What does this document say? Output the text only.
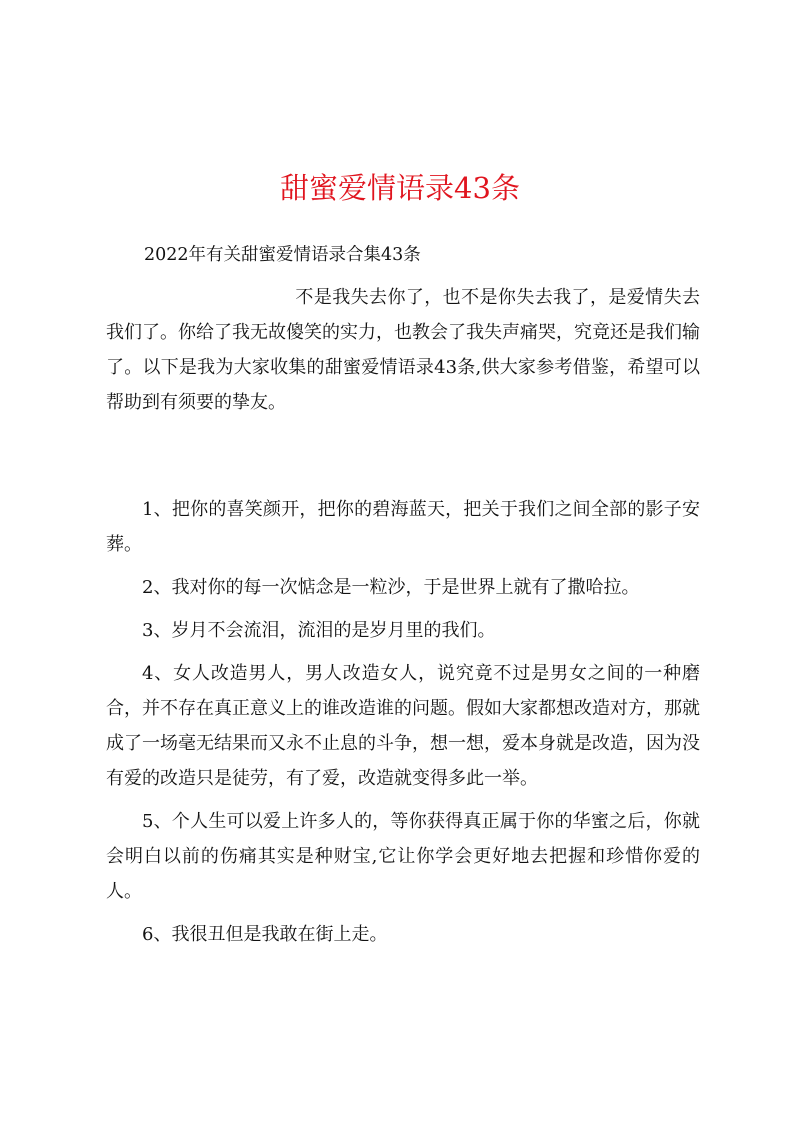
甜蜜爱情语录43条
2022年有关甜蜜爱情语录合集43条
不是我失去你了，也不是你失去我了，是爱情失去我们了。你给了我无故傻笑的实力，也教会了我失声痛哭，究竟还是我们输了。以下是我为大家收集的甜蜜爱情语录43条,供大家参考借鉴，希望可以帮助到有须要的挚友。

1、把你的喜笑颜开，把你的碧海蓝天，把关于我们之间全部的影子安葬。

2、我对你的每一次惦念是一粒沙，于是世界上就有了撒哈拉。

3、岁月不会流泪，流泪的是岁月里的我们。

4、女人改造男人，男人改造女人，说究竟不过是男女之间的一种磨合，并不存在真正意义上的谁改造谁的问题。假如大家都想改造对方，那就成了一场毫无结果而又永不止息的斗争，想一想，爱本身就是改造，因为没有爱的改造只是徒劳，有了爱，改造就变得多此一举。

5、个人生可以爱上许多人的，等你获得真正属于你的华蜜之后，你就会明白以前的伤痛其实是种财宝,它让你学会更好地去把握和珍惜你爱的人。

6、我很丑但是我敢在街上走。
